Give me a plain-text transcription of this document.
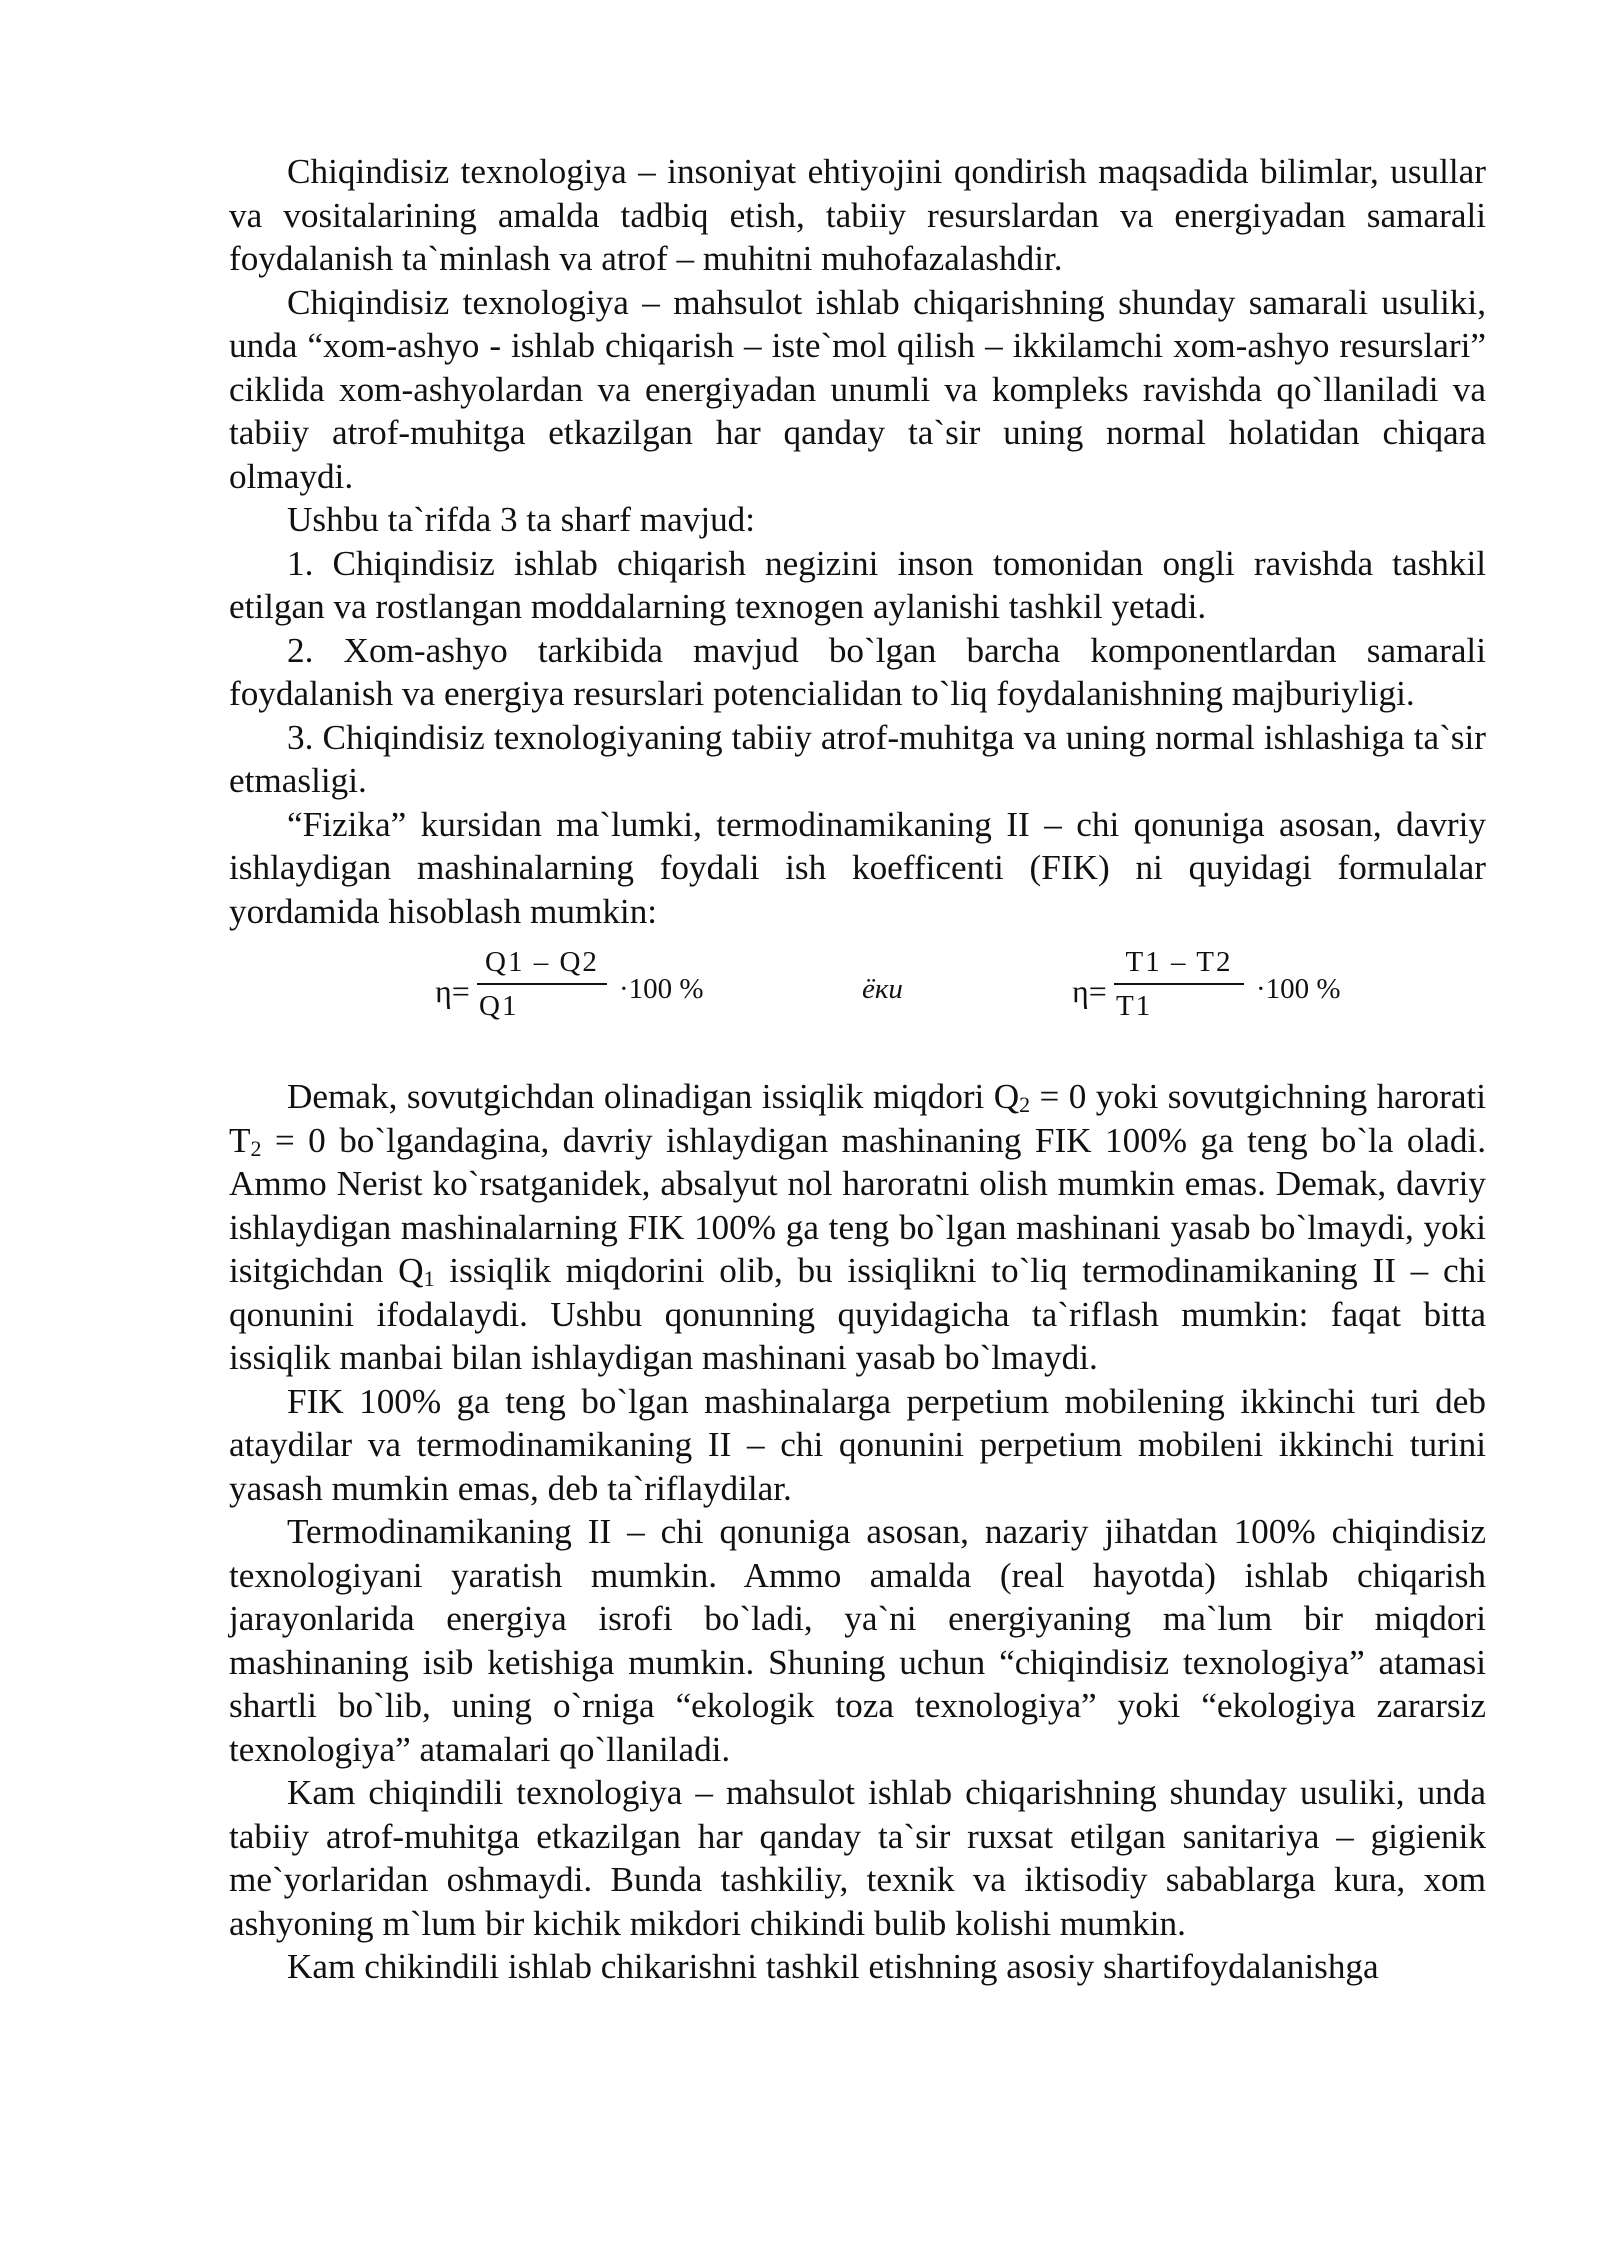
Chiqindisiz texnologiya – insoniyat ehtiyojini qondirish maqsadida bilimlar, usullar va vositalarining amalda tadbiq etish, tabiiy resurslardan va energiyadan samarali foydalanish ta`minlash va atrof – muhitni muhofazalashdir.

Chiqindisiz texnologiya – mahsulot ishlab chiqarishning shunday samarali usuliki, unda “xom-ashyo - ishlab chiqarish – iste`mol qilish – ikkilamchi xom-ashyo resurslari” ciklida xom-ashyolardan va energiyadan unumli va kompleks ravishda qo`llaniladi va tabiiy atrof-muhitga etkazilgan har qanday ta`sir uning normal holatidan chiqara olmaydi.

Ushbu ta`rifda 3 ta sharf mavjud:

1. Chiqindisiz ishlab chiqarish negizini inson tomonidan ongli ravishda tashkil etilgan va rostlangan moddalarning texnogen aylanishi tashkil yetadi.

2. Xom-ashyo tarkibida mavjud bo`lgan barcha komponentlardan samarali foydalanish va energiya resurslari potencialidan to`liq foydalanishning majburiyligi.

3. Chiqindisiz texnologiyaning tabiiy atrof-muhitga va uning normal ishlashiga ta`sir etmasligi.

“Fizika” kursidan ma`lumki, termodinamikaning II – chi qonuniga asosan, davriy ishlaydigan mashinalarning foydali ish koefficenti (FIK) ni quyidagi formulalar yordamida hisoblash mumkin:

η=
Q1 – Q2
Q1
·100 %	ёки	η=
T1 – T2
T1
·100 %

Demak, sovutgichdan olinadigan issiqlik miqdori $Q_2 = 0$ yoki sovutgichning harorati $T_2 = 0$ bo`lgandagina, davriy ishlaydigan mashinaning FIK 100% ga teng bo`la oladi. Ammo Nerist ko`rsatganidek, absalyut nol haroratni olish mumkin emas. Demak, davriy ishlaydigan mashinalarning FIK 100% ga teng bo`lgan mashinani yasab bo`lmaydi, yoki isitgichdan $Q_1$ issiqlik miqdorini olib, bu issiqlikni to`liq termodinamikaning II – chi qonunini ifodalaydi. Ushbu qonunning quyidagicha ta`riflash mumkin: faqat bitta issiqlik manbai bilan ishlaydigan mashinani yasab bo`lmaydi.

FIK 100% ga teng bo`lgan mashinalarga perpetium mobilening ikkinchi turi deb ataydilar va termodinamikaning II – chi qonunini perpetium mobileni ikkinchi turini yasash mumkin emas, deb ta`riflaydilar.

Termodinamikaning II – chi qonuniga asosan, nazariy jihatdan 100% chiqindisiz texnologiyani yaratish mumkin. Ammo amalda (real hayotda) ishlab chiqarish jarayonlarida energiya isrofi bo`ladi, ya`ni energiyaning ma`lum bir miqdori mashinaning isib ketishiga mumkin. Shuning uchun “chiqindisiz texnologiya” atamasi shartli bo`lib, uning o`rniga “ekologik toza texnologiya” yoki “ekologiya zararsiz texnologiya” atamalari qo`llaniladi.

Kam chiqindili texnologiya – mahsulot ishlab chiqarishning shunday usuliki, unda tabiiy atrof-muhitga etkazilgan har qanday ta`sir ruxsat etilgan sanitariya – gigienik me`yorlaridan oshmaydi. Bunda tashkiliy, texnik va iktisodiy sabablarga kura, xom ashyoning m`lum bir kichik mikdori chikindi bulib kolishi mumkin.

Kam chikindili ishlab chikarishni tashkil etishning asosiy shartifoydalanishga
